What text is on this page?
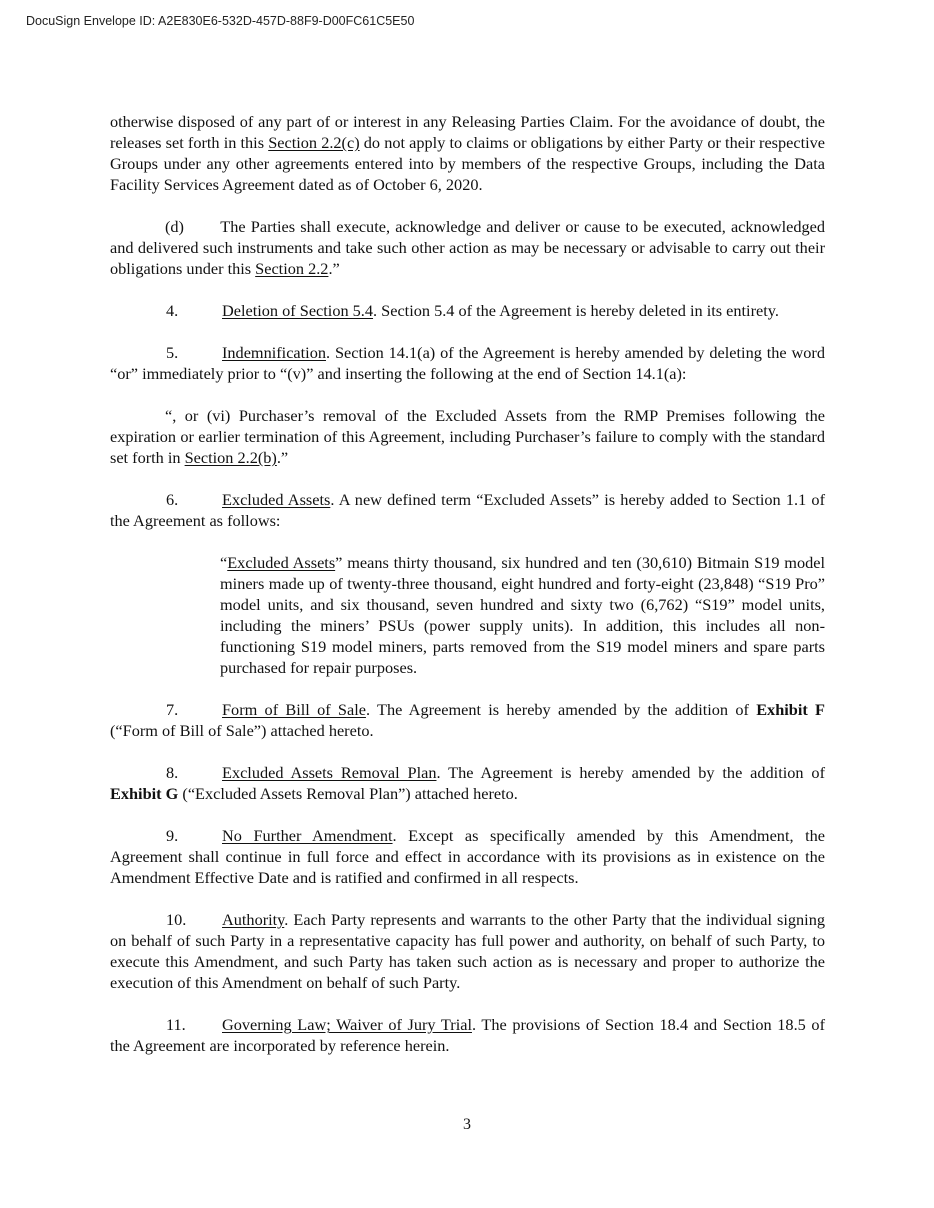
DocuSign Envelope ID: A2E830E6-532D-457D-88F9-D00FC61C5E50

otherwise disposed of any part of or interest in any Releasing Parties Claim. For the avoidance of doubt, the releases set forth in this Section 2.2(c) do not apply to claims or obligations by either Party or their respective Groups under any other agreements entered into by members of the respective Groups, including the Data Facility Services Agreement dated as of October 6, 2020.

(d) The Parties shall execute, acknowledge and deliver or cause to be executed, acknowledged and delivered such instruments and take such other action as may be necessary or advisable to carry out their obligations under this Section 2.2.”

4.	Deletion of Section 5.4. Section 5.4 of the Agreement is hereby deleted in its entirety.

5.	Indemnification. Section 14.1(a) of the Agreement is hereby amended by deleting the word “or” immediately prior to “(v)” and inserting the following at the end of Section 14.1(a):

“, or (vi) Purchaser’s removal of the Excluded Assets from the RMP Premises following the expiration or earlier termination of this Agreement, including Purchaser’s failure to comply with the standard set forth in Section 2.2(b).”

6.	Excluded Assets. A new defined term “Excluded Assets” is hereby added to Section 1.1 of the Agreement as follows:

“Excluded Assets” means thirty thousand, six hundred and ten (30,610) Bitmain S19 model miners made up of twenty-three thousand, eight hundred and forty-eight (23,848) “S19 Pro” model units, and six thousand, seven hundred and sixty two (6,762) “S19” model units, including the miners’ PSUs (power supply units). In addition, this includes all non-functioning S19 model miners, parts removed from the S19 model miners and spare parts purchased for repair purposes.

7.	Form of Bill of Sale. The Agreement is hereby amended by the addition of Exhibit F (“Form of Bill of Sale”) attached hereto.

8.	Excluded Assets Removal Plan. The Agreement is hereby amended by the addition of Exhibit G (“Excluded Assets Removal Plan”) attached hereto.

9.	No Further Amendment. Except as specifically amended by this Amendment, the Agreement shall continue in full force and effect in accordance with its provisions as in existence on the Amendment Effective Date and is ratified and confirmed in all respects.

10. Authority. Each Party represents and warrants to the other Party that the individual signing on behalf of such Party in a representative capacity has full power and authority, on behalf of such Party, to execute this Amendment, and such Party has taken such action as is necessary and proper to authorize the execution of this Amendment on behalf of such Party.

11. Governing Law; Waiver of Jury Trial. The provisions of Section 18.4 and Section 18.5 of the Agreement are incorporated by reference herein.

3
